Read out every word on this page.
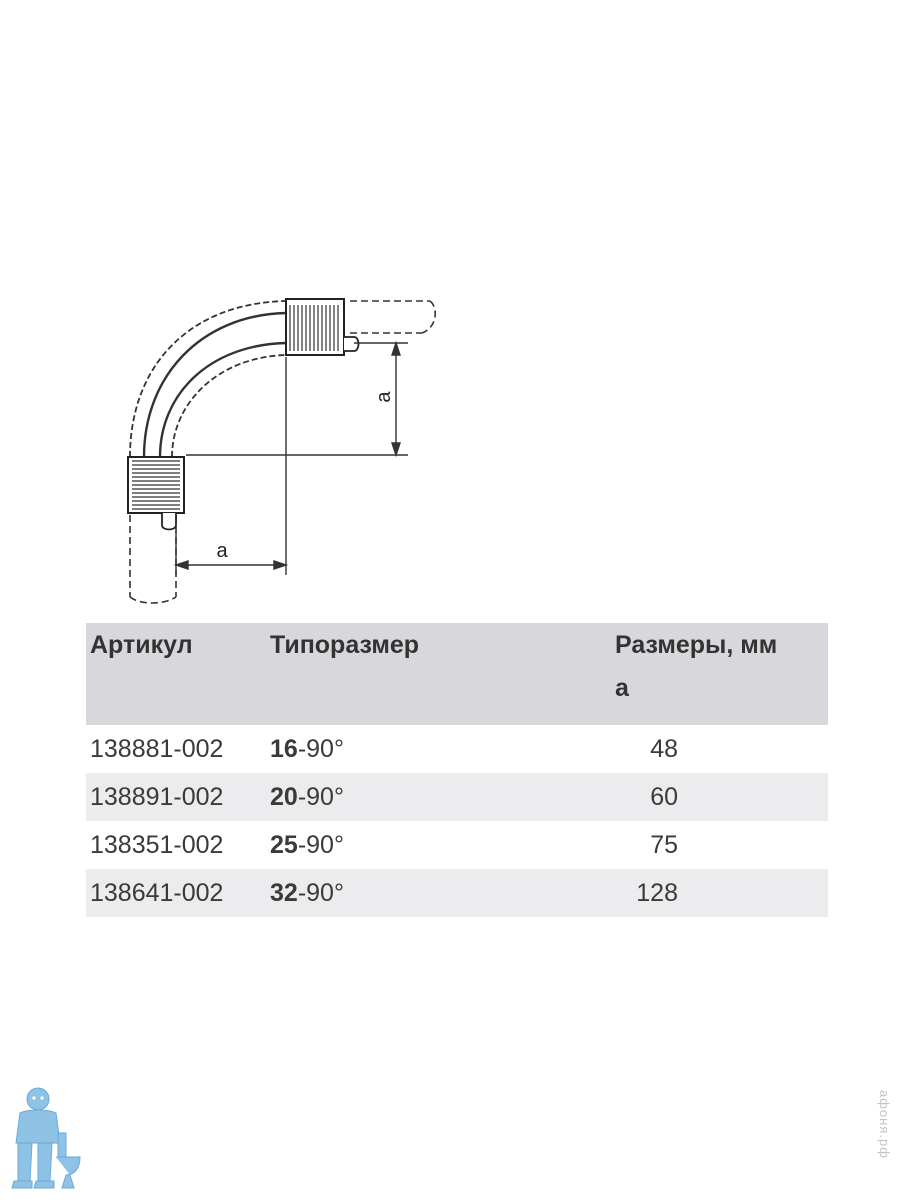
a
a
Артикул	Типоразмер	Размеры, мм
a

138881-002	16-90°	48
138891-002	20-90°	60
138351-002	25-90°	75
138641-002	32-90°	128
афоня.рф
